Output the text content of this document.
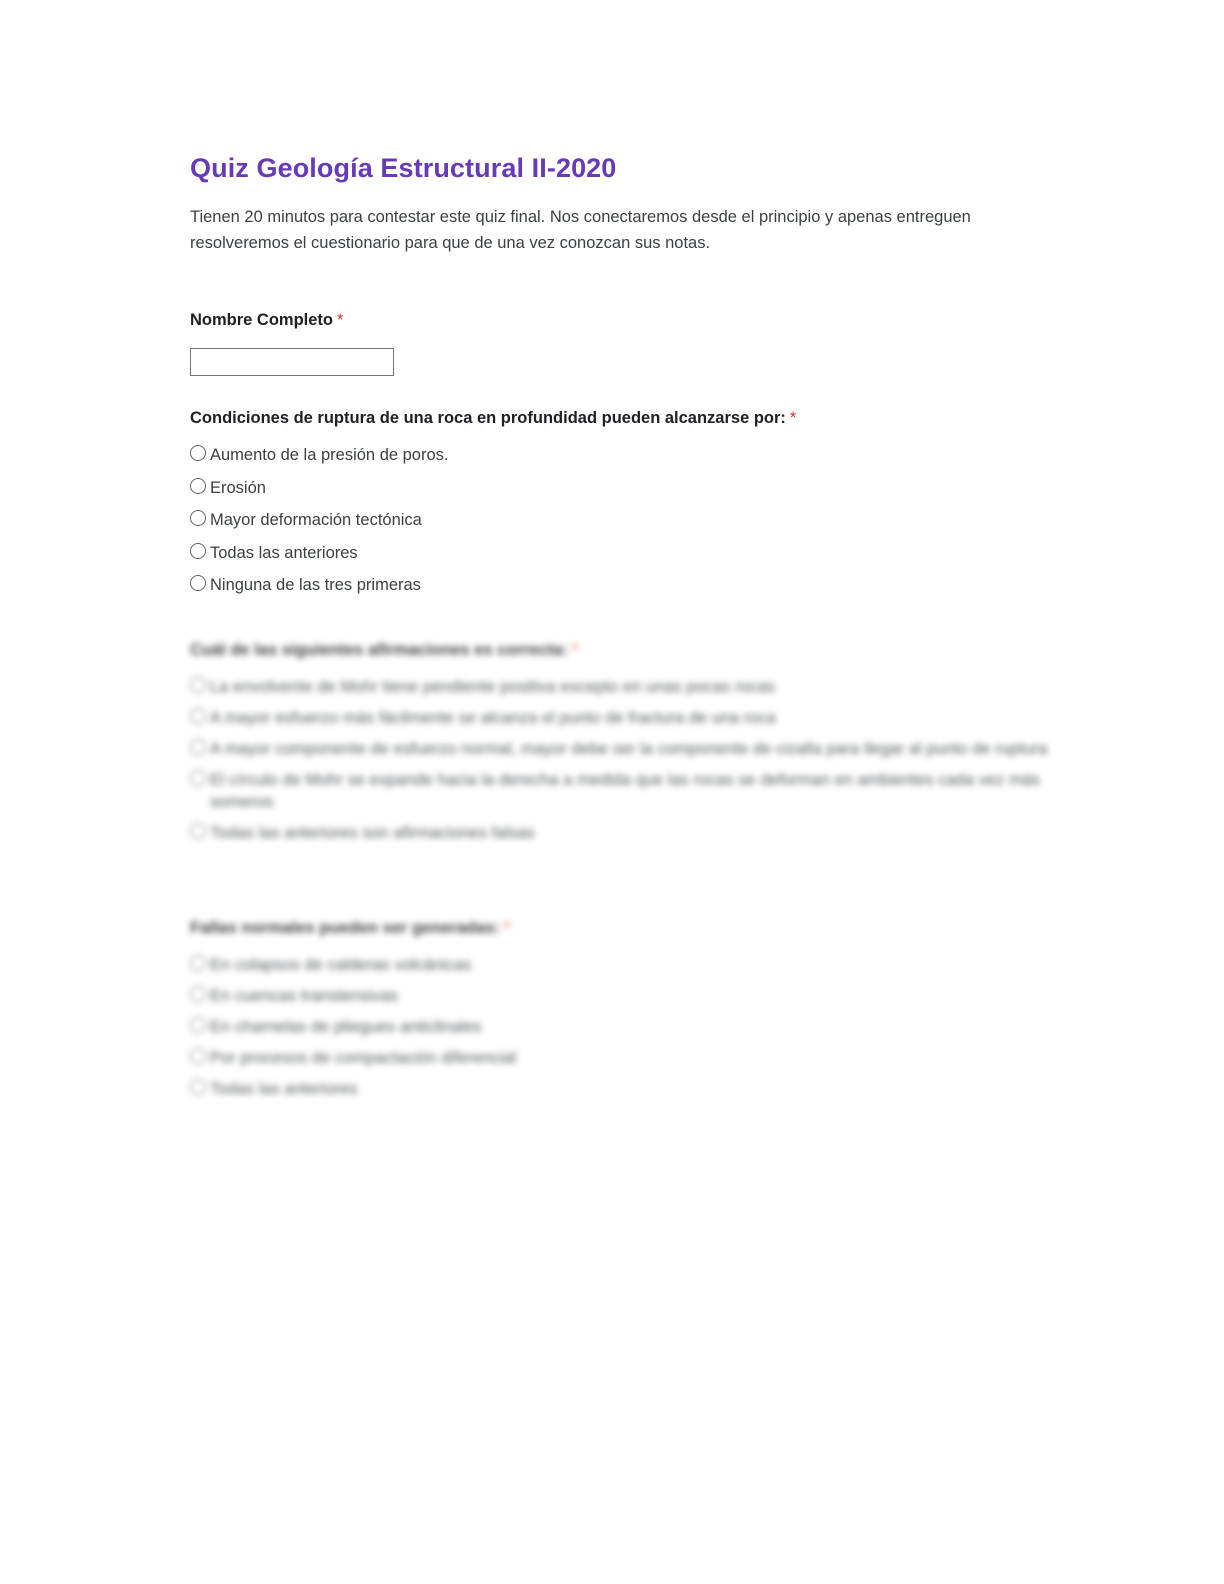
Quiz Geología Estructural II-2020
Tienen 20 minutos para contestar este quiz final. Nos conectaremos desde el principio y apenas entreguen resolveremos el cuestionario para que de una vez conozcan sus notas.
Nombre Completo *
Condiciones de ruptura de una roca en profundidad pueden alcanzarse por: *
Aumento de la presión de poros.
Erosión
Mayor deformación tectónica
Todas las anteriores
Ninguna de las tres primeras
Cuál de las siguientes afirmaciones es correcta: *
La envolvente de Mohr tiene pendiente positiva excepto en unas pocas rocas
A mayor esfuerzo más fácilmente se alcanza el punto de fractura de una roca
A mayor componente de esfuerzo normal, mayor debe ser la componente de cizalla para llegar al punto de ruptura
El círculo de Mohr se expande hacia la derecha a medida que las rocas se deforman en ambientes cada vez más someros
Todas las anteriores son afirmaciones falsas
Fallas normales pueden ser generadas: *
En colapsos de calderas volcánicas
En cuencas transtensivas
En charnelas de pliegues anticlinales
Por procesos de compactación diferencial
Todas las anteriores
